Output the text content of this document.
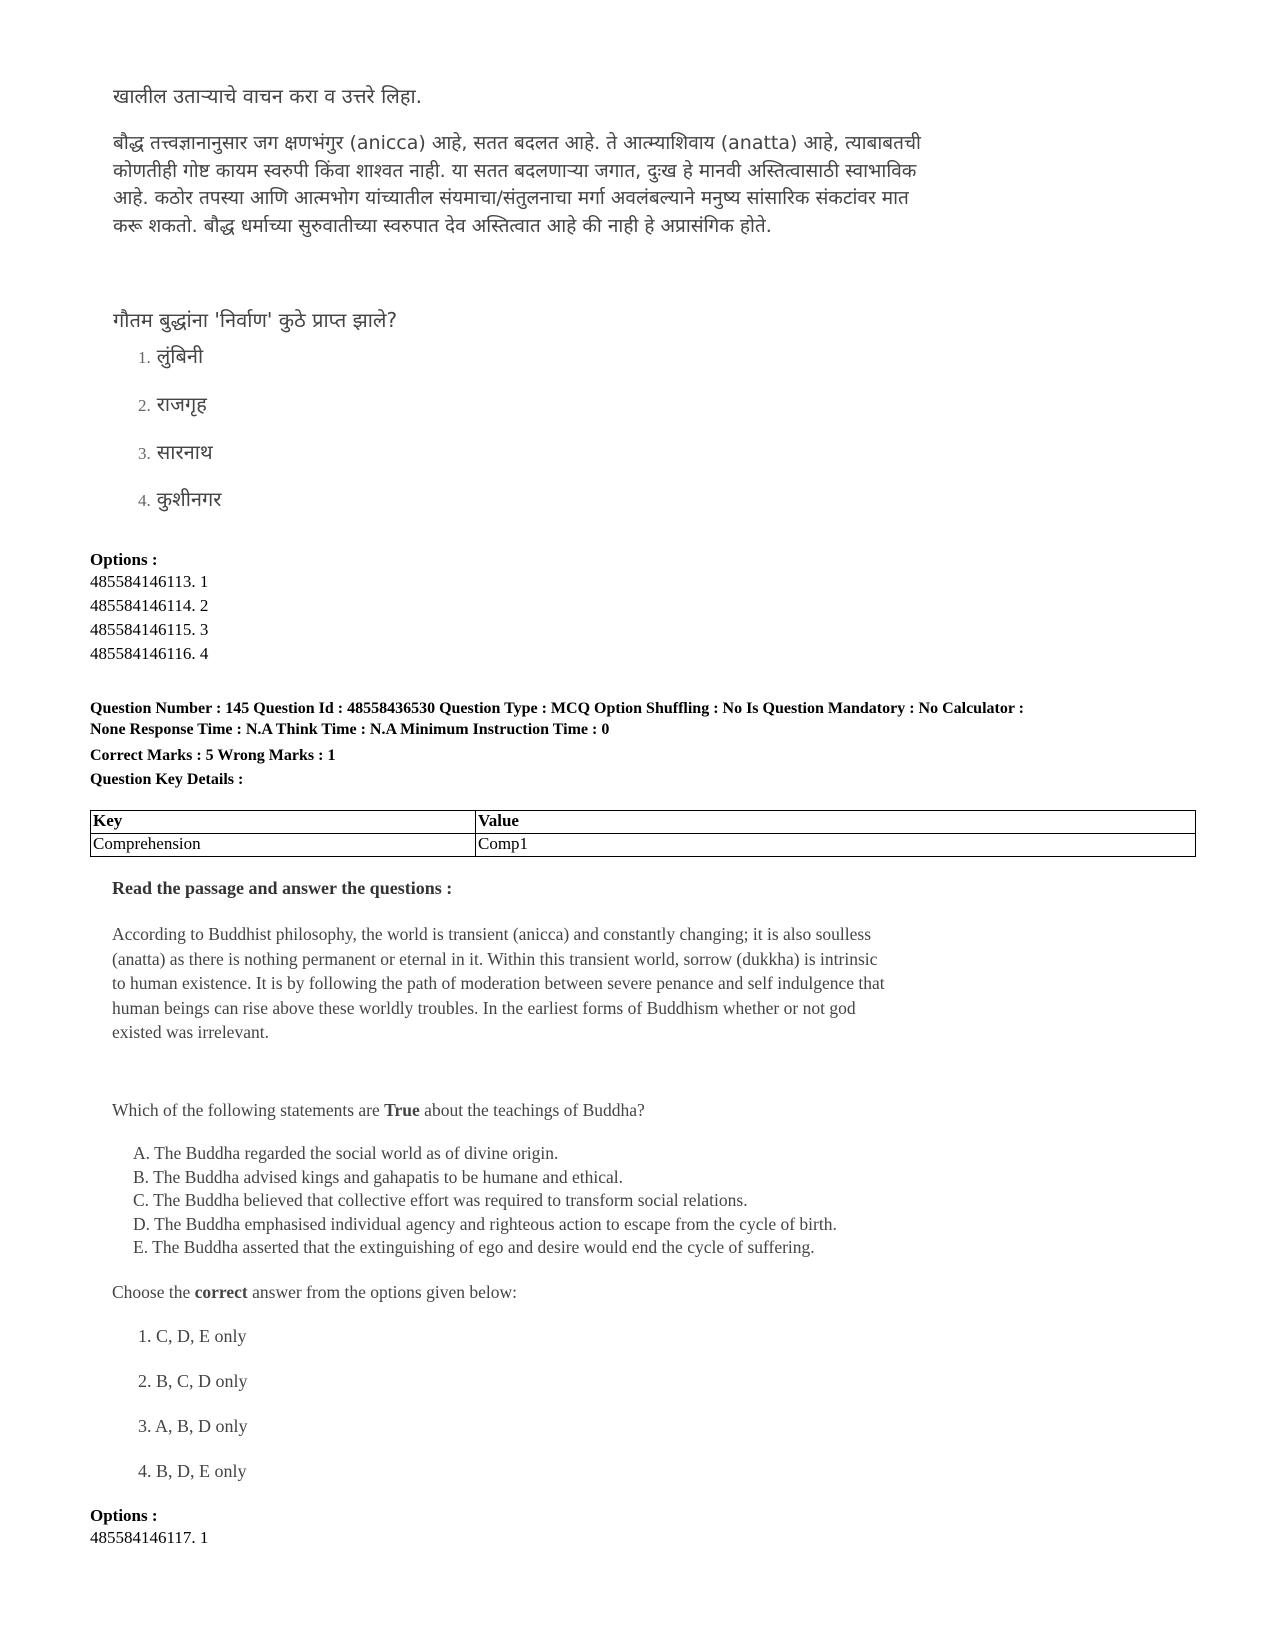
खालील उताऱ्याचे वाचन करा व उत्तरे लिहा.
बौद्ध तत्त्वज्ञानानुसार जग क्षणभंगुर (anicca) आहे, सतत बदलत आहे. ते आत्म्याशिवाय (anatta) आहे, त्याबाबतची
कोणतीही गोष्ट कायम स्वरुपी किंवा शाश्वत नाही. या सतत बदलणाऱ्या जगात, दुःख हे मानवी अस्तित्वासाठी स्वाभाविक
आहे. कठोर तपस्या आणि आत्मभोग यांच्यातील संयमाचा/संतुलनाचा मर्गा अवलंबल्याने मनुष्य सांसारिक संकटांवर मात
करू शकतो. बौद्ध धर्माच्या सुरुवातीच्या स्वरुपात देव अस्तित्वात आहे की नाही हे अप्रासंगिक होते.
गौतम बुद्धांना 'निर्वाण' कुठे प्राप्त झाले?
1. लुंबिनी
2. राजगृह
3. सारनाथ
4. कुशीनगर
Options :
485584146113. 1
485584146114. 2
485584146115. 3
485584146116. 4
Question Number : 145 Question Id : 48558436530 Question Type : MCQ Option Shuffling : No Is Question Mandatory : No Calculator :
None Response Time : N.A Think Time : N.A Minimum Instruction Time : 0
Correct Marks : 5 Wrong Marks : 1
Question Key Details :
Key	Value
Comprehension	Comp1
Read the passage and answer the questions :
According to Buddhist philosophy, the world is transient (anicca) and constantly changing; it is also soulless
(anatta) as there is nothing permanent or eternal in it. Within this transient world, sorrow (dukkha) is intrinsic
to human existence. It is by following the path of moderation between severe penance and self indulgence that
human beings can rise above these worldly troubles. In the earliest forms of Buddhism whether or not god
existed was irrelevant.
Which of the following statements are True about the teachings of Buddha?
A. The Buddha regarded the social world as of divine origin.
B. The Buddha advised kings and gahapatis to be humane and ethical.
C. The Buddha believed that collective effort was required to transform social relations.
D. The Buddha emphasised individual agency and righteous action to escape from the cycle of birth.
E. The Buddha asserted that the extinguishing of ego and desire would end the cycle of suffering.
Choose the correct answer from the options given below:
1. C, D, E only
2. B, C, D only
3. A, B, D only
4. B, D, E only
Options :
485584146117. 1
